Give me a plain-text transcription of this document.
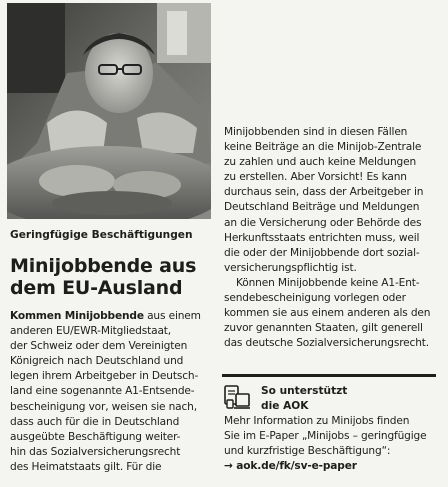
Geringfügige Beschäftigungen
Minijobbende aus
dem EU-Ausland
Kommen Minijobbende aus einem
anderen EU/EWR-Mitgliedstaat,
der Schweiz oder dem Vereinigten
Königreich nach Deutschland und
legen ihrem Arbeitgeber in Deutsch-
land eine sogenannte A1-Entsende-
bescheinigung vor, weisen sie nach,
dass auch für die in Deutschland
ausgeübte Beschäftigung weiter-
hin das Sozialversicherungsrecht
des Heimatstaats gilt. Für die
Minijobbenden sind in diesen Fällen
keine Beiträge an die Minijob-Zentrale
zu zahlen und auch keine Meldungen
zu erstellen. Aber Vorsicht! Es kann
durchaus sein, dass der Arbeitgeber in
Deutschland Beiträge und Meldungen
an die Versicherung oder Behörde des
Herkunftsstaats entrichten muss, weil
die oder der Minijobbende dort sozial-
versicherungspflichtig ist.
Können Minijobbende keine A1-Ent-
sendebescheinigung vorlegen oder
kommen sie aus einem anderen als den
zuvor genannten Staaten, gilt generell
das deutsche Sozialversicherungsrecht.
So unterstützt
die AOK
Mehr Information zu Minijobs finden
Sie im E-Paper „Minijobs – geringfügige
und kurzfristige Beschäftigung“:
→ aok.de/fk/sv-e-paper
